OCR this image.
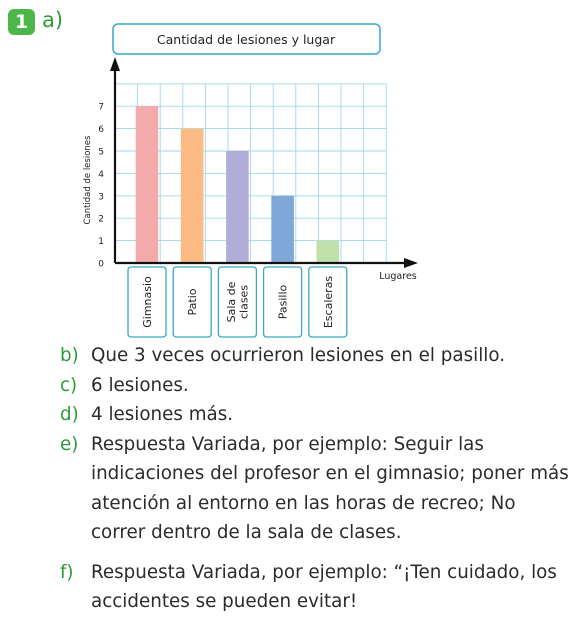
1 a)
0
1
2
3
4
5
6
7
Gimnasio	Patio Sala de clases Pasillo	Escaleras
Cantidad de lesiones y lugar
Cantidad de lesiones
Lugares
b) Que 3 veces ocurrieron lesiones en el pasillo.
c) 6 lesiones.
d) 4 lesiones más.
e) Respuesta Variada, por ejemplo: Seguir las indicaciones del profesor en el gimnasio; poner más atención al entorno en las horas de recreo; No correr dentro de la sala de clases.
f) Respuesta Variada, por ejemplo: “¡Ten cuidado, los accidentes se pueden evitar!
